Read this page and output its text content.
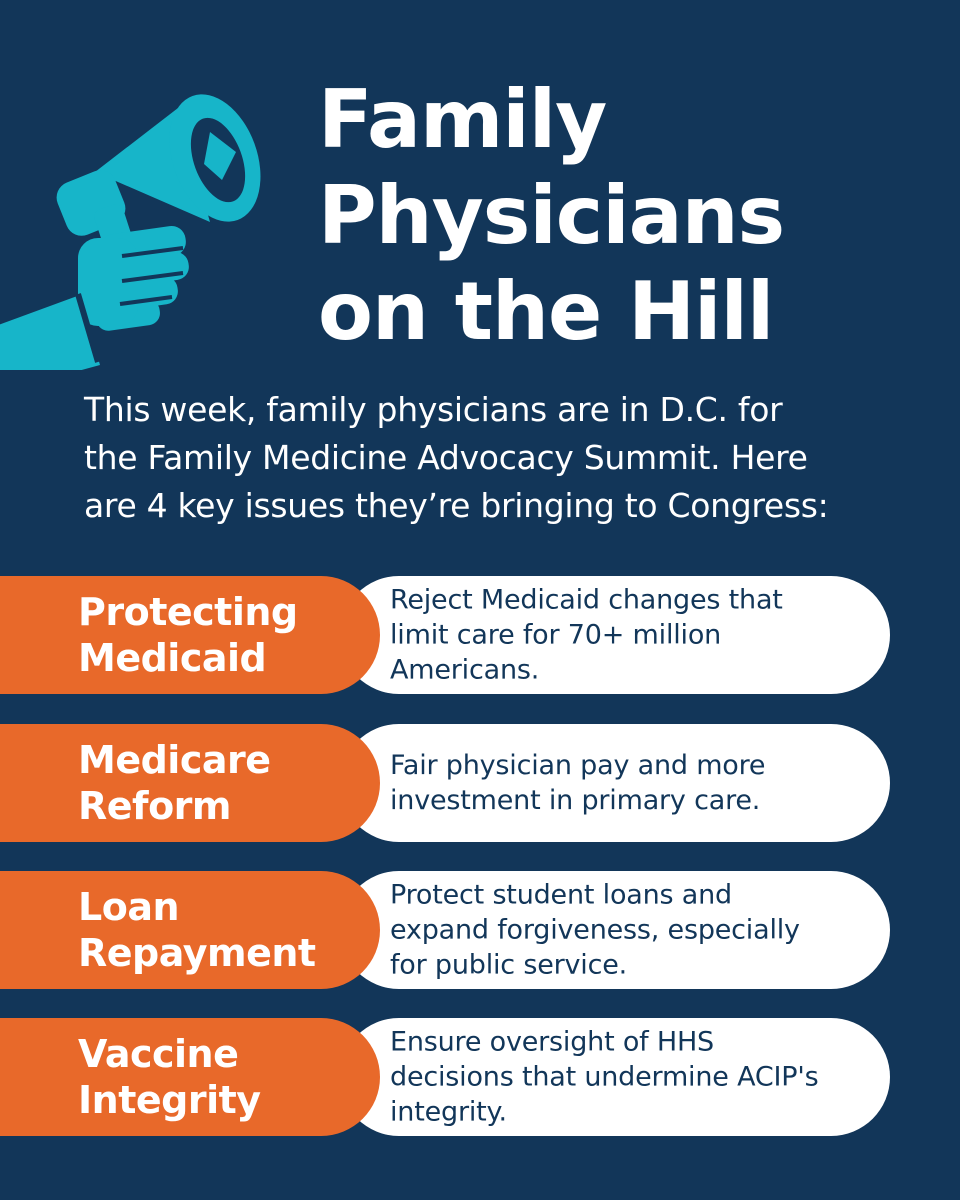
Family
Physicians
on the Hill

This week, family physicians are in D.C. for
the Family Medicine Advocacy Summit. Here
are 4 key issues they’re bringing to Congress:

Reject Medicaid changes that
limit care for 70+ million
Americans.
Protecting
Medicaid
Fair physician pay and more
investment in primary care.
Medicare
Reform
Protect student loans and
expand forgiveness, especially
for public service.
Loan
Repayment
Ensure oversight of HHS
decisions that undermine ACIP's
integrity.
Vaccine
Integrity
